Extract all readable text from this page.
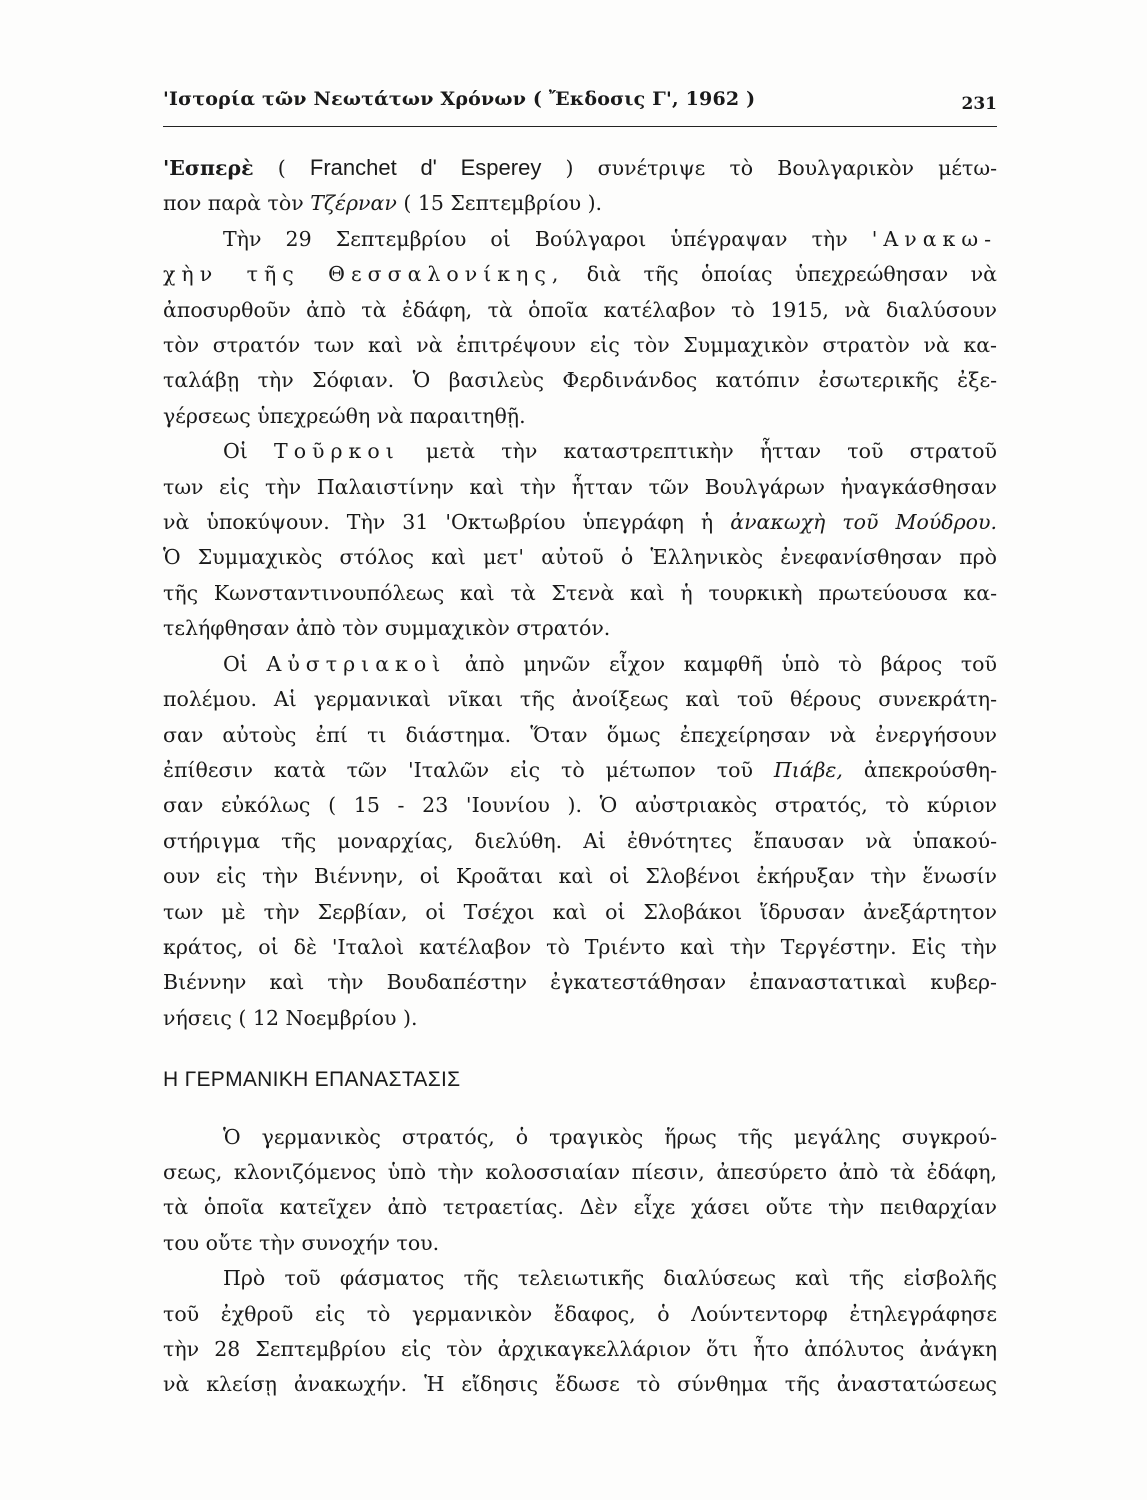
'Ιστορία τῶν Νεωτάτων Χρόνων ( Ἔκδοσις Γ', 1962 )	231
'Εσπερὲ ( Franchet d' Esperey ) συνέτριψε τὸ Βουλγαρικὸν μέτω-
πον παρὰ τὸν Τζέρναν ( 15 Σεπτεμβρίου ).
Τὴν 29 Σεπτεμβρίου οἱ Βούλγαροι ὑπέγραψαν τὴν 'Ανακω-
χὴν τῆς Θεσσαλονίκης, διὰ τῆς ὁποίας ὑπεχρεώθησαν νὰ
ἀποσυρθοῦν ἀπὸ τὰ ἐδάφη, τὰ ὁποῖα κατέλαβον τὸ 1915, νὰ διαλύσουν
τὸν στρατόν των καὶ νὰ ἐπιτρέψουν εἰς τὸν Συμμαχικὸν στρατὸν νὰ κα-
ταλάβῃ τὴν Σόφιαν. Ὁ βασιλεὺς Φερδινάνδος κατόπιν ἐσωτερικῆς ἐξε-
γέρσεως ὑπεχρεώθη νὰ παραιτηθῇ.
Οἱ Τοῦρκοι μετὰ τὴν καταστρεπτικὴν ἧτταν τοῦ στρατοῦ
των εἰς τὴν Παλαιστίνην καὶ τὴν ἧτταν τῶν Βουλγάρων ἠναγκάσθησαν
νὰ ὑποκύψουν. Τὴν 31 'Οκτωβρίου ὑπεγράφη ἡ ἀνακωχὴ τοῦ Μούδρου.
Ὁ Συμμαχικὸς στόλος καὶ μετ' αὐτοῦ ὁ Ἑλληνικὸς ἐνεφανίσθησαν πρὸ
τῆς Κωνσταντινουπόλεως καὶ τὰ Στενὰ καὶ ἡ τουρκικὴ πρωτεύουσα κα-
τελήφθησαν ἀπὸ τὸν συμμαχικὸν στρατόν.
Οἱ Αὐστριακοὶ ἀπὸ μηνῶν εἶχον καμφθῆ ὑπὸ τὸ βάρος τοῦ
πολέμου. Αἱ γερμανικαὶ νῖκαι τῆς ἀνοίξεως καὶ τοῦ θέρους συνεκράτη-
σαν αὐτοὺς ἐπί τι διάστημα. Ὅταν ὅμως ἐπεχείρησαν νὰ ἐνεργήσουν
ἐπίθεσιν κατὰ τῶν 'Ιταλῶν εἰς τὸ μέτωπον τοῦ Πιάβε, ἀπεκρούσθη-
σαν εὐκόλως ( 15 - 23 'Ιουνίου ). Ὁ αὐστριακὸς στρατός, τὸ κύριον
στήριγμα τῆς μοναρχίας, διελύθη. Αἱ ἐθνότητες ἔπαυσαν νὰ ὑπακού-
ουν εἰς τὴν Βιέννην, οἱ Κροᾶται καὶ οἱ Σλοβένοι ἐκήρυξαν τὴν ἕνωσίν
των μὲ τὴν Σερβίαν, οἱ Τσέχοι καὶ οἱ Σλοβάκοι ἵδρυσαν ἀνεξάρτητον
κράτος, οἱ δὲ 'Ιταλοὶ κατέλαβον τὸ Τριέντο καὶ τὴν Τεργέστην. Εἰς τὴν
Βιέννην καὶ τὴν Βουδαπέστην ἐγκατεστάθησαν ἐπαναστατικαὶ κυβερ-
νήσεις ( 12 Νοεμβρίου ).
Η ΓΕΡΜΑΝΙΚΗ ΕΠΑΝΑΣΤΑΣΙΣ
Ὁ γερμανικὸς στρατός, ὁ τραγικὸς ἥρως τῆς μεγάλης συγκρού-
σεως, κλονιζόμενος ὑπὸ τὴν κολοσσιαίαν πίεσιν, ἀπεσύρετο ἀπὸ τὰ ἐδάφη,
τὰ ὁποῖα κατεῖχεν ἀπὸ τετραετίας. Δὲν εἶχε χάσει οὔτε τὴν πειθαρχίαν
του οὔτε τὴν συνοχήν του.
Πρὸ τοῦ φάσματος τῆς τελειωτικῆς διαλύσεως καὶ τῆς εἰσβολῆς
τοῦ ἐχθροῦ εἰς τὸ γερμανικὸν ἔδαφος, ὁ Λούντεντορφ ἐτηλεγράφησε
τὴν 28 Σεπτεμβρίου εἰς τὸν ἀρχικαγκελλάριον ὅτι ἦτο ἀπόλυτος ἀνάγκη
νὰ κλείσῃ ἀνακωχήν. Ἡ εἴδησις ἔδωσε τὸ σύνθημα τῆς ἀναστατώσεως
